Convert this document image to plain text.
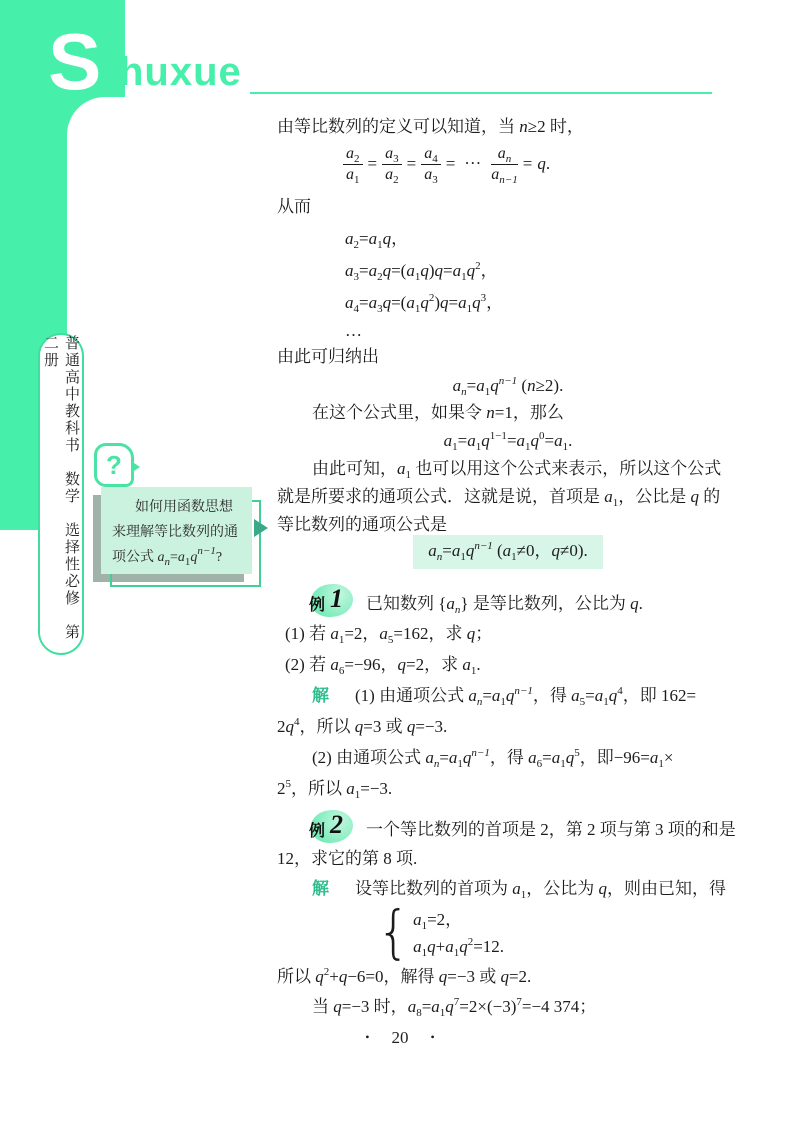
S huxue
普通高中教科书　数学　选择性必修　第二册
?
如何用函数思想
来理解等比数列的通
项公式 $a_n=a_1q^{n-1}$?
由等比数列的定义可以知道，当 n≥2 时，
$\frac{a_2}{a_1} = \frac{a_3}{a_2} = \frac{a_4}{a_3}$ = … $\frac{a_n}{a_{n-1}} = q$.
从而
$a_2=a_1q$，
$a_3=a_2q=(a_1q)q=a_1q^2$，
$a_4=a_3q=(a_1q^2)q=a_1q^3$，
…
由此可归纳出
$a_n=a_1q^{n-1}$ (n≥2).
在这个公式里，如果令 n=1，那么
$a_1=a_1q^{1-1}=a_1q^0=a_1$.
由此可知，$a_1$ 也可以用这个公式来表示，所以这个公式
就是所要求的通项公式．这就是说，首项是 $a_1$，公比是 q 的
等比数列的通项公式是
$a_n=a_1q^{n-1}$ ($a_1\ne 0$，q≠0).
例 1 已知数列 $\{a_n\}$ 是等比数列，公比为 q.
(1) 若 $a_1=2$，$a_5=162$，求 q；
(2) 若 $a_6=-96$，q=2，求 $a_1$.
解 (1) 由通项公式 $a_n=a_1q^{n-1}$，得 $a_5=a_1q^4$，即 162=
$2q^4$，所以 q=3 或 q=−3.
(2) 由通项公式 $a_n=a_1q^{n-1}$，得 $a_6=a_1q^5$，即$-96=a_1\times$
$2^5$，所以 $a_1=-3$.
例 2 一个等比数列的首项是 2，第 2 项与第 3 项的和是
12，求它的第 8 项.
解 设等比数列的首项为 $a_1$，公比为 q，则由已知，得
{ $a_1=2$，
$a_1q+a_1q^2=12$.
所以 $q^2+q-6=0$，解得 q=−3 或 q=2.
当 q=−3 时，$a_8=a_1q^7=2\times(-3)^7=-4$ 374；
• 20 •
